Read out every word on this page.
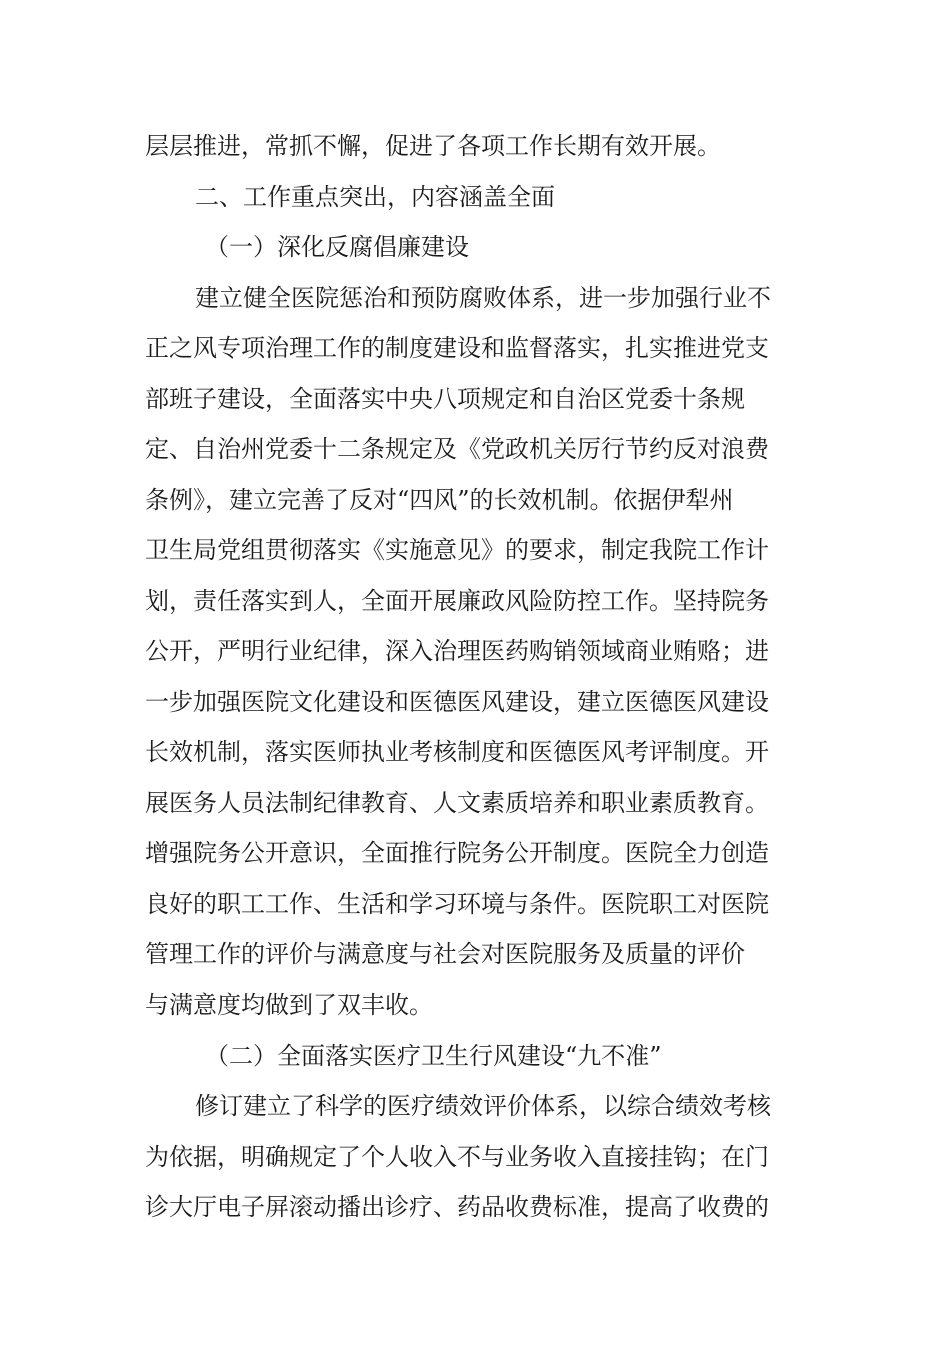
层层推进，常抓不懈，促进了各项工作长期有效开展。
二、工作重点突出，内容涵盖全面
（一）深化反腐倡廉建设
建立健全医院惩治和预防腐败体系，进一步加强行业不
正之风专项治理工作的制度建设和监督落实，扎实推进党支
部班子建设，全面落实中央八项规定和自治区党委十条规
定、自治州党委十二条规定及《党政机关厉行节约反对浪费
条例》，建立完善了反对“四风”的长效机制。依据伊犁州
卫生局党组贯彻落实《实施意见》的要求，制定我院工作计
划，责任落实到人，全面开展廉政风险防控工作。坚持院务
公开，严明行业纪律，深入治理医药购销领域商业贿赂；进
一步加强医院文化建设和医德医风建设，建立医德医风建设
长效机制，落实医师执业考核制度和医德医风考评制度。开
展医务人员法制纪律教育、人文素质培养和职业素质教育。
增强院务公开意识，全面推行院务公开制度。医院全力创造
良好的职工工作、生活和学习环境与条件。医院职工对医院
管理工作的评价与满意度与社会对医院服务及质量的评价
与满意度均做到了双丰收。
（二）全面落实医疗卫生行风建设“九不准”
修订建立了科学的医疗绩效评价体系，以综合绩效考核
为依据，明确规定了个人收入不与业务收入直接挂钩；在门
诊大厅电子屏滚动播出诊疗、药品收费标准，提高了收费的
